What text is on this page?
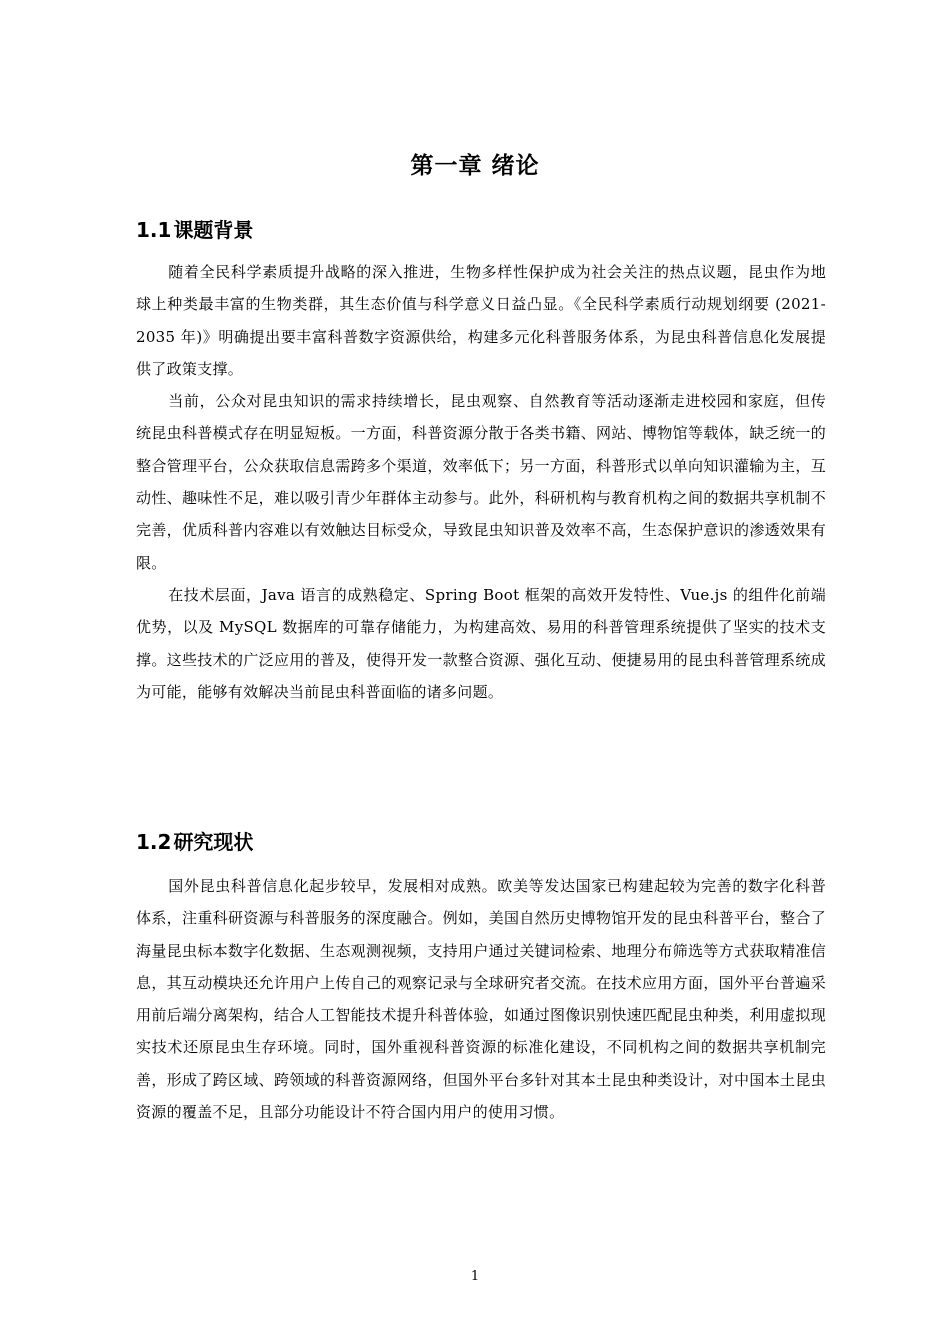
第一章 绪论
1.1 课题背景

随着全民科学素质提升战略的深入推进，生物多样性保护成为社会关注的热点议题，昆虫作为地球上种类最丰富的生物类群，其生态价值与科学意义日益凸显。《全民科学素质行动规划纲要 (2021-2035 年)》明确提出要丰富科普数字资源供给，构建多元化科普服务体系，为昆虫科普信息化发展提供了政策支撑。

当前，公众对昆虫知识的需求持续增长，昆虫观察、自然教育等活动逐渐走进校园和家庭，但传统昆虫科普模式存在明显短板。一方面，科普资源分散于各类书籍、网站、博物馆等载体，缺乏统一的整合管理平台，公众获取信息需跨多个渠道，效率低下；另一方面，科普形式以单向知识灌输为主，互动性、趣味性不足，难以吸引青少年群体主动参与。此外，科研机构与教育机构之间的数据共享机制不完善，优质科普内容难以有效触达目标受众，导致昆虫知识普及效率不高，生态保护意识的渗透效果有限。

在技术层面，Java 语言的成熟稳定、Spring Boot 框架的高效开发特性、Vue.js 的组件化前端优势，以及 MySQL 数据库的可靠存储能力，为构建高效、易用的科普管理系统提供了坚实的技术支撑。这些技术的广泛应用的普及，使得开发一款整合资源、强化互动、便捷易用的昆虫科普管理系统成为可能，能够有效解决当前昆虫科普面临的诸多问题。

1.2 研究现状

国外昆虫科普信息化起步较早，发展相对成熟。欧美等发达国家已构建起较为完善的数字化科普体系，注重科研资源与科普服务的深度融合。例如，美国自然历史博物馆开发的昆虫科普平台，整合了海量昆虫标本数字化数据、生态观测视频，支持用户通过关键词检索、地理分布筛选等方式获取精准信息，其互动模块还允许用户上传自己的观察记录与全球研究者交流。在技术应用方面，国外平台普遍采用前后端分离架构，结合人工智能技术提升科普体验，如通过图像识别快速匹配昆虫种类，利用虚拟现实技术还原昆虫生存环境。同时，国外重视科普资源的标准化建设，不同机构之间的数据共享机制完善，形成了跨区域、跨领域的科普资源网络，但国外平台多针对其本土昆虫种类设计，对中国本土昆虫资源的覆盖不足，且部分功能设计不符合国内用户的使用习惯。

1
